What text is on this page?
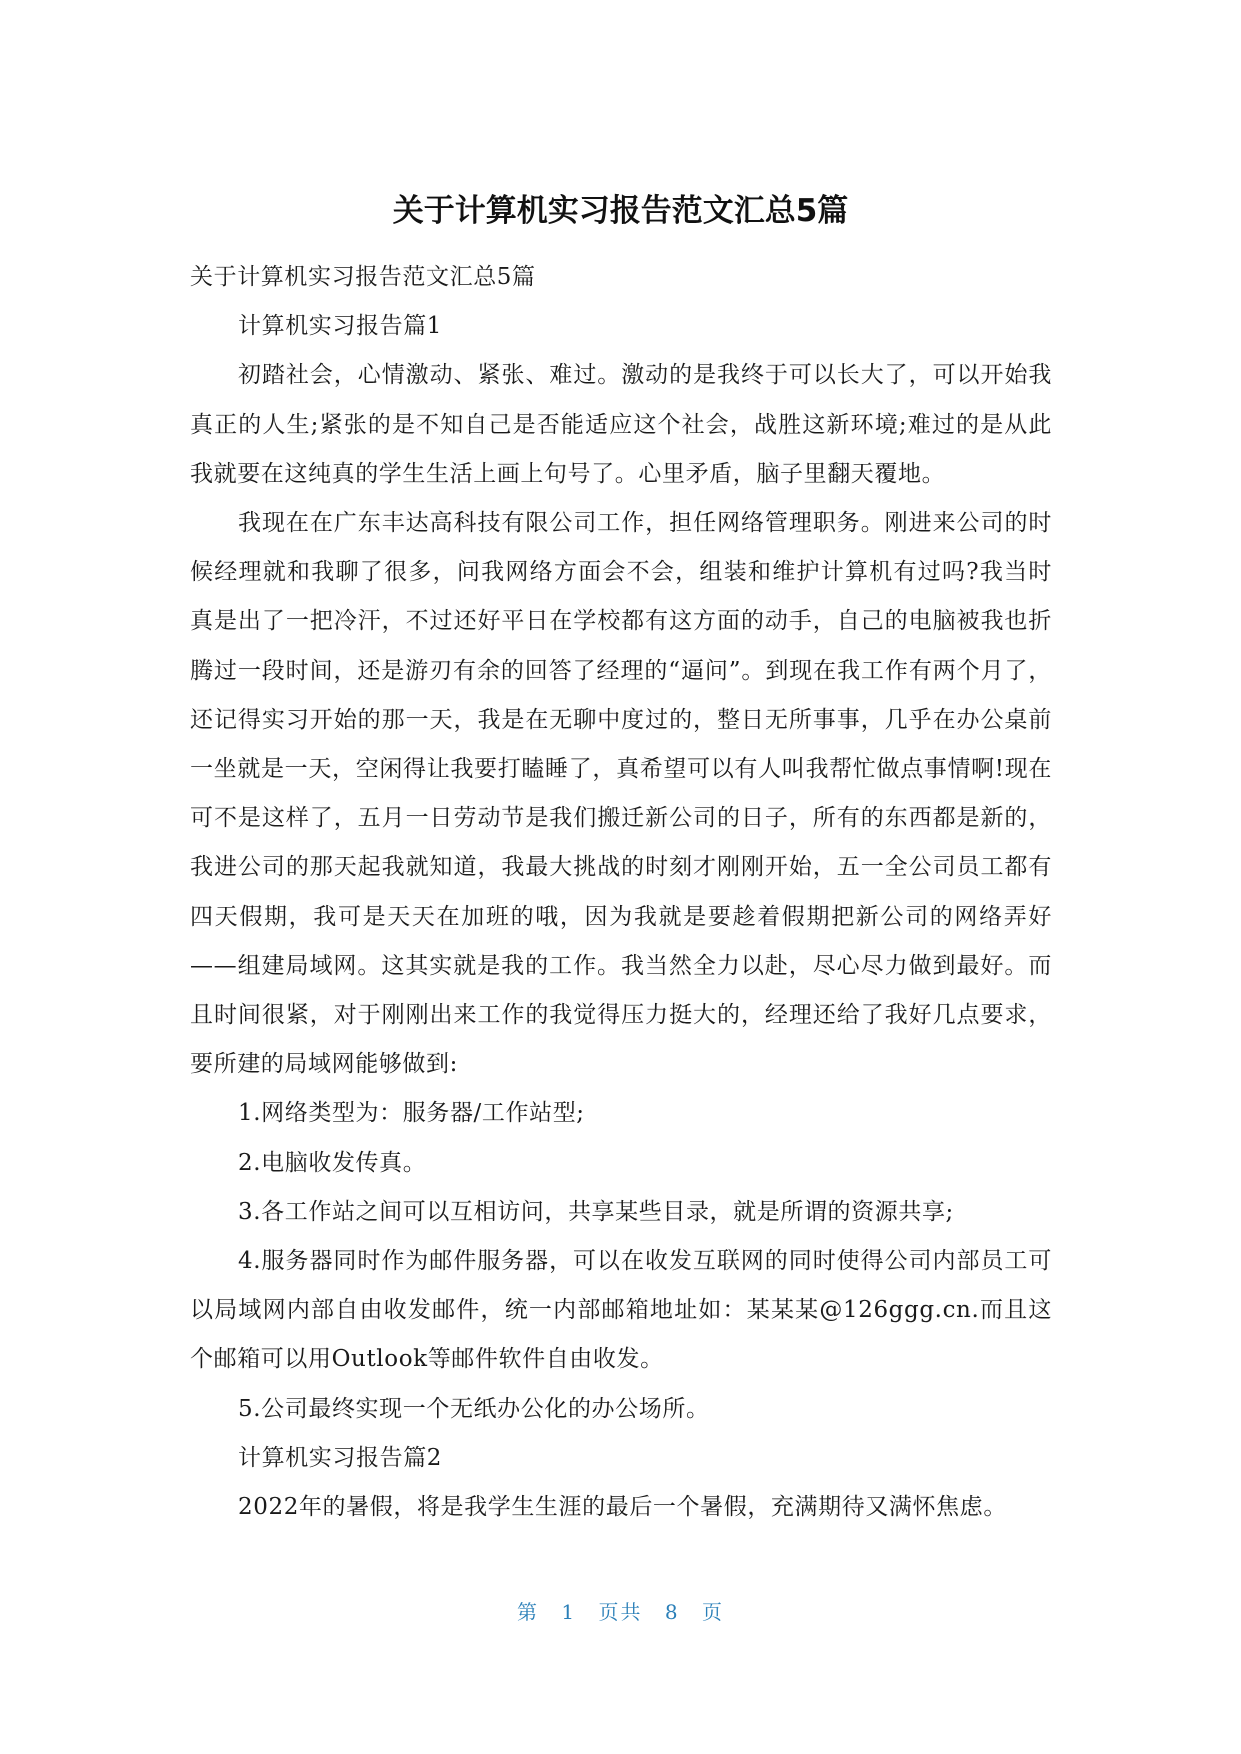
关于计算机实习报告范文汇总5篇

关于计算机实习报告范文汇总5篇

计算机实习报告篇1

初踏社会，心情激动、紧张、难过。激动的是我终于可以长大了，可以开始我真正的人生;紧张的是不知自己是否能适应这个社会，战胜这新环境;难过的是从此我就要在这纯真的学生生活上画上句号了。心里矛盾，脑子里翻天覆地。

我现在在广东丰达高科技有限公司工作，担任网络管理职务。刚进来公司的时候经理就和我聊了很多，问我网络方面会不会，组装和维护计算机有过吗?我当时真是出了一把冷汗，不过还好平日在学校都有这方面的动手，自己的电脑被我也折腾过一段时间，还是游刃有余的回答了经理的“逼问”。到现在我工作有两个月了，还记得实习开始的那一天，我是在无聊中度过的，整日无所事事，几乎在办公桌前一坐就是一天，空闲得让我要打瞌睡了，真希望可以有人叫我帮忙做点事情啊!现在可不是这样了，五月一日劳动节是我们搬迁新公司的日子，所有的东西都是新的，我进公司的那天起我就知道，我最大挑战的时刻才刚刚开始，五一全公司员工都有四天假期，我可是天天在加班的哦，因为我就是要趁着假期把新公司的网络弄好——组建局域网。这其实就是我的工作。我当然全力以赴，尽心尽力做到最好。而且时间很紧，对于刚刚出来工作的我觉得压力挺大的，经理还给了我好几点要求，要所建的局域网能够做到:

1.网络类型为：服务器/工作站型;

2.电脑收发传真。

3.各工作站之间可以互相访问，共享某些目录，就是所谓的资源共享;

4.服务器同时作为邮件服务器，可以在收发互联网的同时使得公司内部员工可以局域网内部自由收发邮件，统一内部邮箱地址如：某某某@126ggg.cn.而且这个邮箱可以用Outlook等邮件软件自由收发。

5.公司最终实现一个无纸办公化的办公场所。

计算机实习报告篇2

2022年的暑假，将是我学生生涯的最后一个暑假，充满期待又满怀焦虑。

第 1 页共 8 页
